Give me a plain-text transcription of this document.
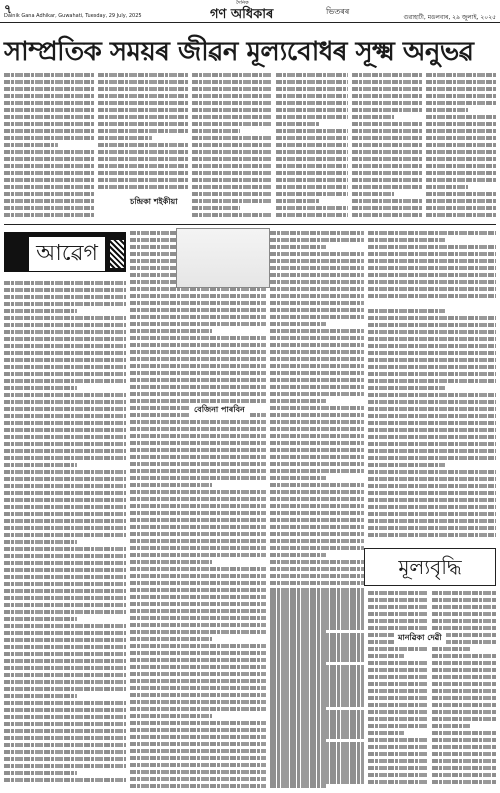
৭
Dainik Gana Adhikar, Guwahati, Tuesday, 29 July, 2025
দৈনিক
গণ অধিকাৰ	ভিতৰৰ
গুৱাহাটী, মঙলবাৰ, ২৯ জুলাই, ২০২৫
সাম্প্ৰতিক সময়ৰ জীৱন মূল্যবোধৰ সূক্ষ্ম অনুভৱ
চন্দ্ৰিকা শইকীয়া
আৱেগ
বেজিনা পাৰবিন
মূল্যবৃদ্ধি
মানৱিকা দেৱী
